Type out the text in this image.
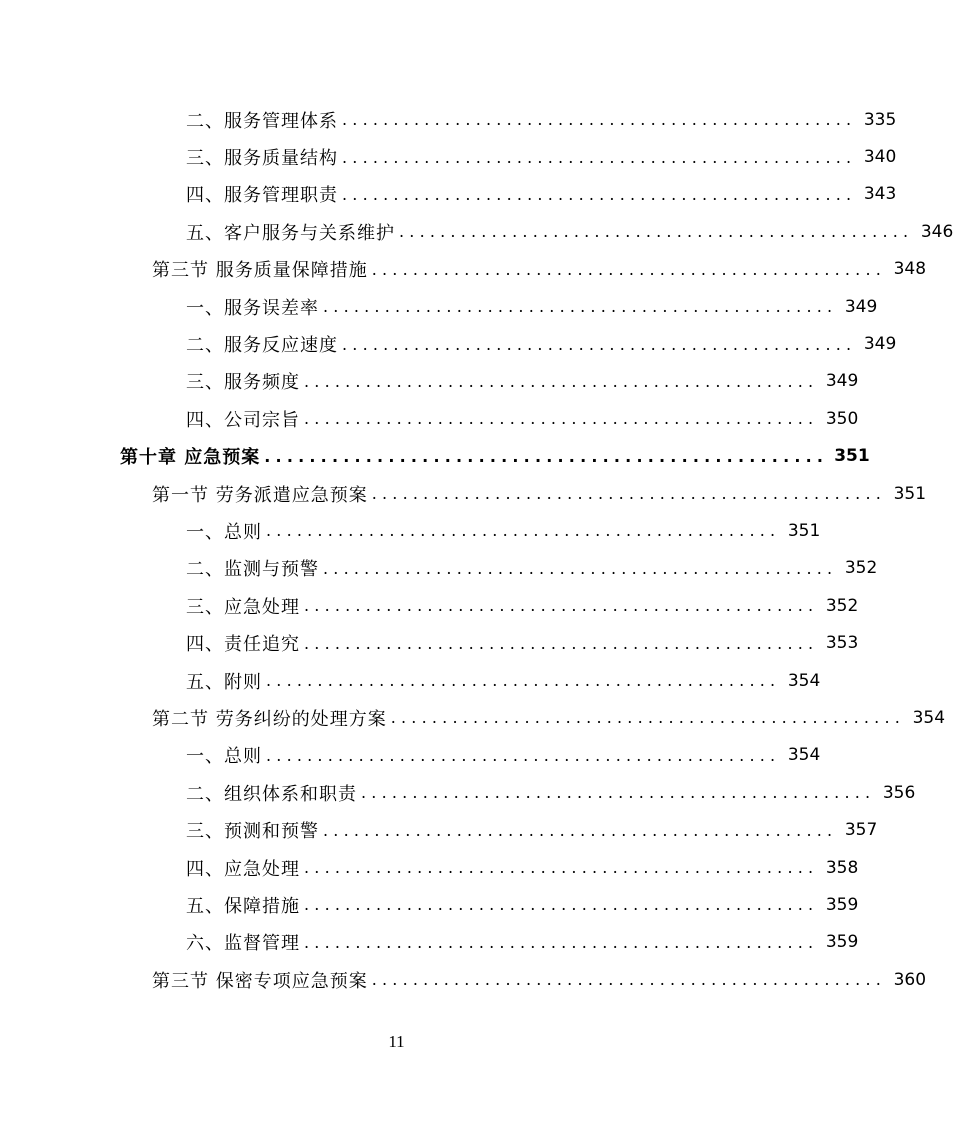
二、服务管理体系 .................................................. 335
三、服务质量结构 .................................................. 340
四、服务管理职责 .................................................. 343
五、客户服务与关系维护 .................................................. 346
第三节 服务质量保障措施 .................................................. 348
一、服务误差率 .................................................. 349
二、服务反应速度 .................................................. 349
三、服务频度 .................................................. 349
四、公司宗旨 .................................................. 350
第十章 应急预案 .................................................. 351
第一节 劳务派遣应急预案 .................................................. 351
一、总则 .................................................. 351
二、监测与预警 .................................................. 352
三、应急处理 .................................................. 352
四、责任追究 .................................................. 353
五、附则 .................................................. 354
第二节 劳务纠纷的处理方案 .................................................. 354
一、总则 .................................................. 354
二、组织体系和职责 .................................................. 356
三、预测和预警 .................................................. 357
四、应急处理 .................................................. 358
五、保障措施 .................................................. 359
六、监督管理 .................................................. 359
第三节 保密专项应急预案 .................................................. 360
11
